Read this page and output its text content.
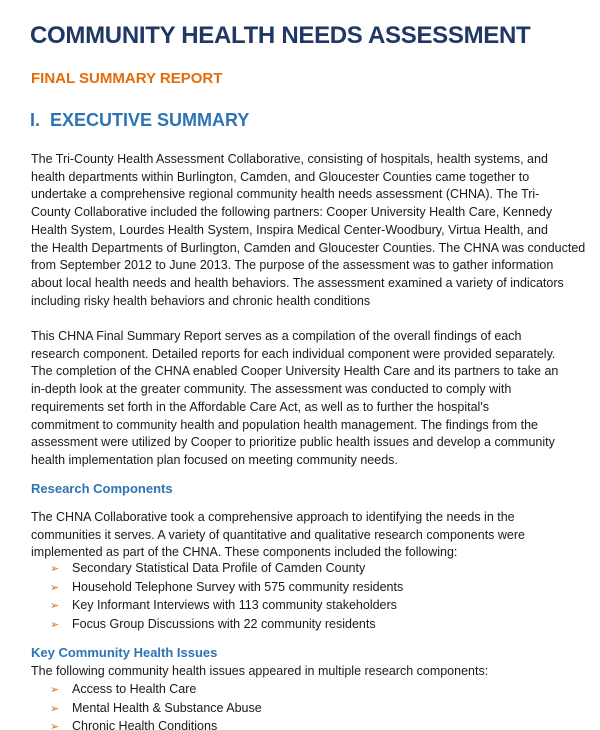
COMMUNITY HEALTH NEEDS ASSESSMENT
FINAL SUMMARY REPORT
I. EXECUTIVE SUMMARY
The Tri-County Health Assessment Collaborative, consisting of hospitals, health systems, and
health departments within Burlington, Camden, and Gloucester Counties came together to
undertake a comprehensive regional community health needs assessment (CHNA). The Tri-
County Collaborative included the following partners: Cooper University Health Care, Kennedy
Health System, Lourdes Health System, Inspira Medical Center-Woodbury, Virtua Health, and
the Health Departments of Burlington, Camden and Gloucester Counties. The CHNA was conducted
from September 2012 to June 2013. The purpose of the assessment was to gather information
about local health needs and health behaviors. The assessment examined a variety of indicators
including risky health behaviors and chronic health conditions
This CHNA Final Summary Report serves as a compilation of the overall findings of each
research component. Detailed reports for each individual component were provided separately.
The completion of the CHNA enabled Cooper University Health Care and its partners to take an
in-depth look at the greater community. The assessment was conducted to comply with
requirements set forth in the Affordable Care Act, as well as to further the hospital's
commitment to community health and population health management. The findings from the
assessment were utilized by Cooper to prioritize public health issues and develop a community
health implementation plan focused on meeting community needs.
Research Components
The CHNA Collaborative took a comprehensive approach to identifying the needs in the
communities it serves. A variety of quantitative and qualitative research components were
implemented as part of the CHNA. These components included the following:
➢ Secondary Statistical Data Profile of Camden County
➢ Household Telephone Survey with 575 community residents
➢ Key Informant Interviews with 113 community stakeholders
➢ Focus Group Discussions with 22 community residents
Key Community Health Issues
The following community health issues appeared in multiple research components:
➢ Access to Health Care
➢ Mental Health & Substance Abuse
➢ Chronic Health Conditions
